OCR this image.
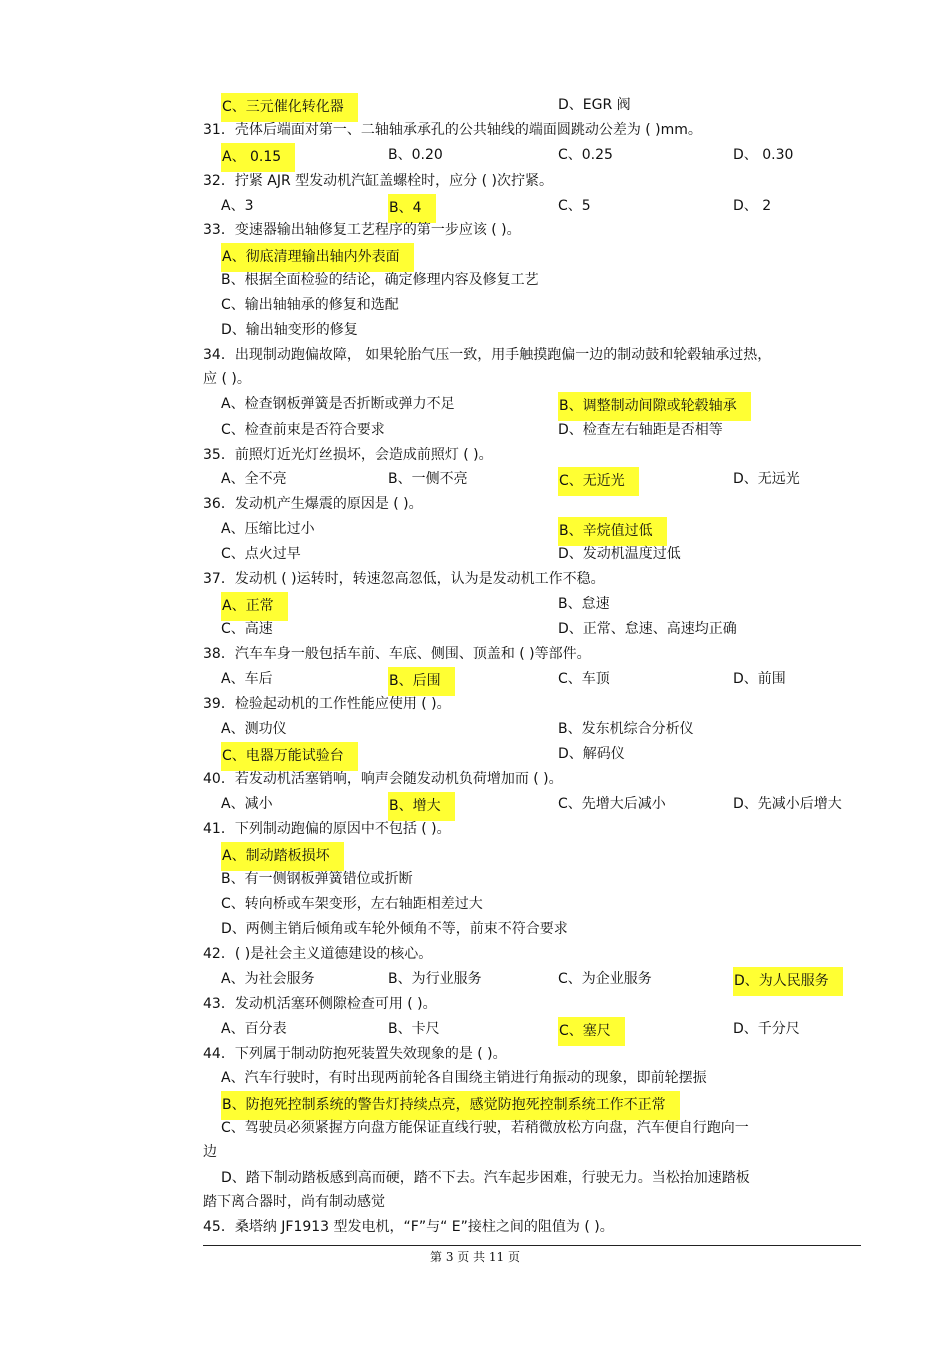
C、三元催化转化器	D、EGR 阀
31．壳体后端面对第一、二轴轴承承孔的公共轴线的端面圆跳动公差为 ( )mm。
A、 0.15	B、0.20	C、0.25	D、 0.30
32．拧紧 AJR 型发动机汽缸盖螺栓时，应分 ( )次拧紧。
A、3	B、4	C、5	D、 2
33．变速器输出轴修复工艺程序的第一步应该 ( )。
A、彻底清理输出轴内外表面
B、根据全面检验的结论，确定修理内容及修复工艺
C、输出轴轴承的修复和选配
D、输出轴变形的修复
34．出现制动跑偏故障， 如果轮胎气压一致，用手触摸跑偏一边的制动鼓和轮毂轴承过热，
应 ( )。
A、检查钢板弹簧是否折断或弹力不足	B、调整制动间隙或轮毂轴承
C、检查前束是否符合要求	D、检查左右轴距是否相等
35．前照灯近光灯丝损坏，会造成前照灯 ( )。
A、全不亮	B、一侧不亮	C、无近光	D、无远光
36．发动机产生爆震的原因是 ( )。
A、压缩比过小	B、辛烷值过低
C、点火过早	D、发动机温度过低
37．发动机 ( )运转时，转速忽高忽低，认为是发动机工作不稳。
A、正常	B、怠速
C、高速	D、正常、怠速、高速均正确
38．汽车车身一般包括车前、车底、侧围、顶盖和 ( )等部件。
A、车后	B、后围	C、车顶	D、前围
39．检验起动机的工作性能应使用 ( )。
A、测功仪	B、发东机综合分析仪
C、电器万能试验台	D、解码仪
40．若发动机活塞销响，响声会随发动机负荷增加而 ( )。
A、减小	B、增大	C、先增大后减小	D、先减小后增大
41．下列制动跑偏的原因中不包括 ( )。
A、制动踏板损坏
B、有一侧钢板弹簧错位或折断
C、转向桥或车架变形，左右轴距相差过大
D、两侧主销后倾角或车轮外倾角不等，前束不符合要求
42．( )是社会主义道德建设的核心。
A、为社会服务	B、为行业服务	C、为企业服务	D、为人民服务
43．发动机活塞环侧隙检查可用 ( )。
A、百分表	B、卡尺	C、塞尺	D、千分尺
44．下列属于制动防抱死装置失效现象的是 ( )。
A、汽车行驶时，有时出现两前轮各自围绕主销进行角振动的现象，即前轮摆振
B、防抱死控制系统的警告灯持续点亮，感觉防抱死控制系统工作不正常
C、驾驶员必须紧握方向盘方能保证直线行驶，若稍微放松方向盘，汽车便自行跑向一
边
D、踏下制动踏板感到高而硬，踏不下去。汽车起步困难，行驶无力。当松抬加速踏板
踏下离合器时，尚有制动感觉
45．桑塔纳 JF1913 型发电机，“F”与“ E”接柱之间的阻值为 ( )。
第 3 页 共 11 页
